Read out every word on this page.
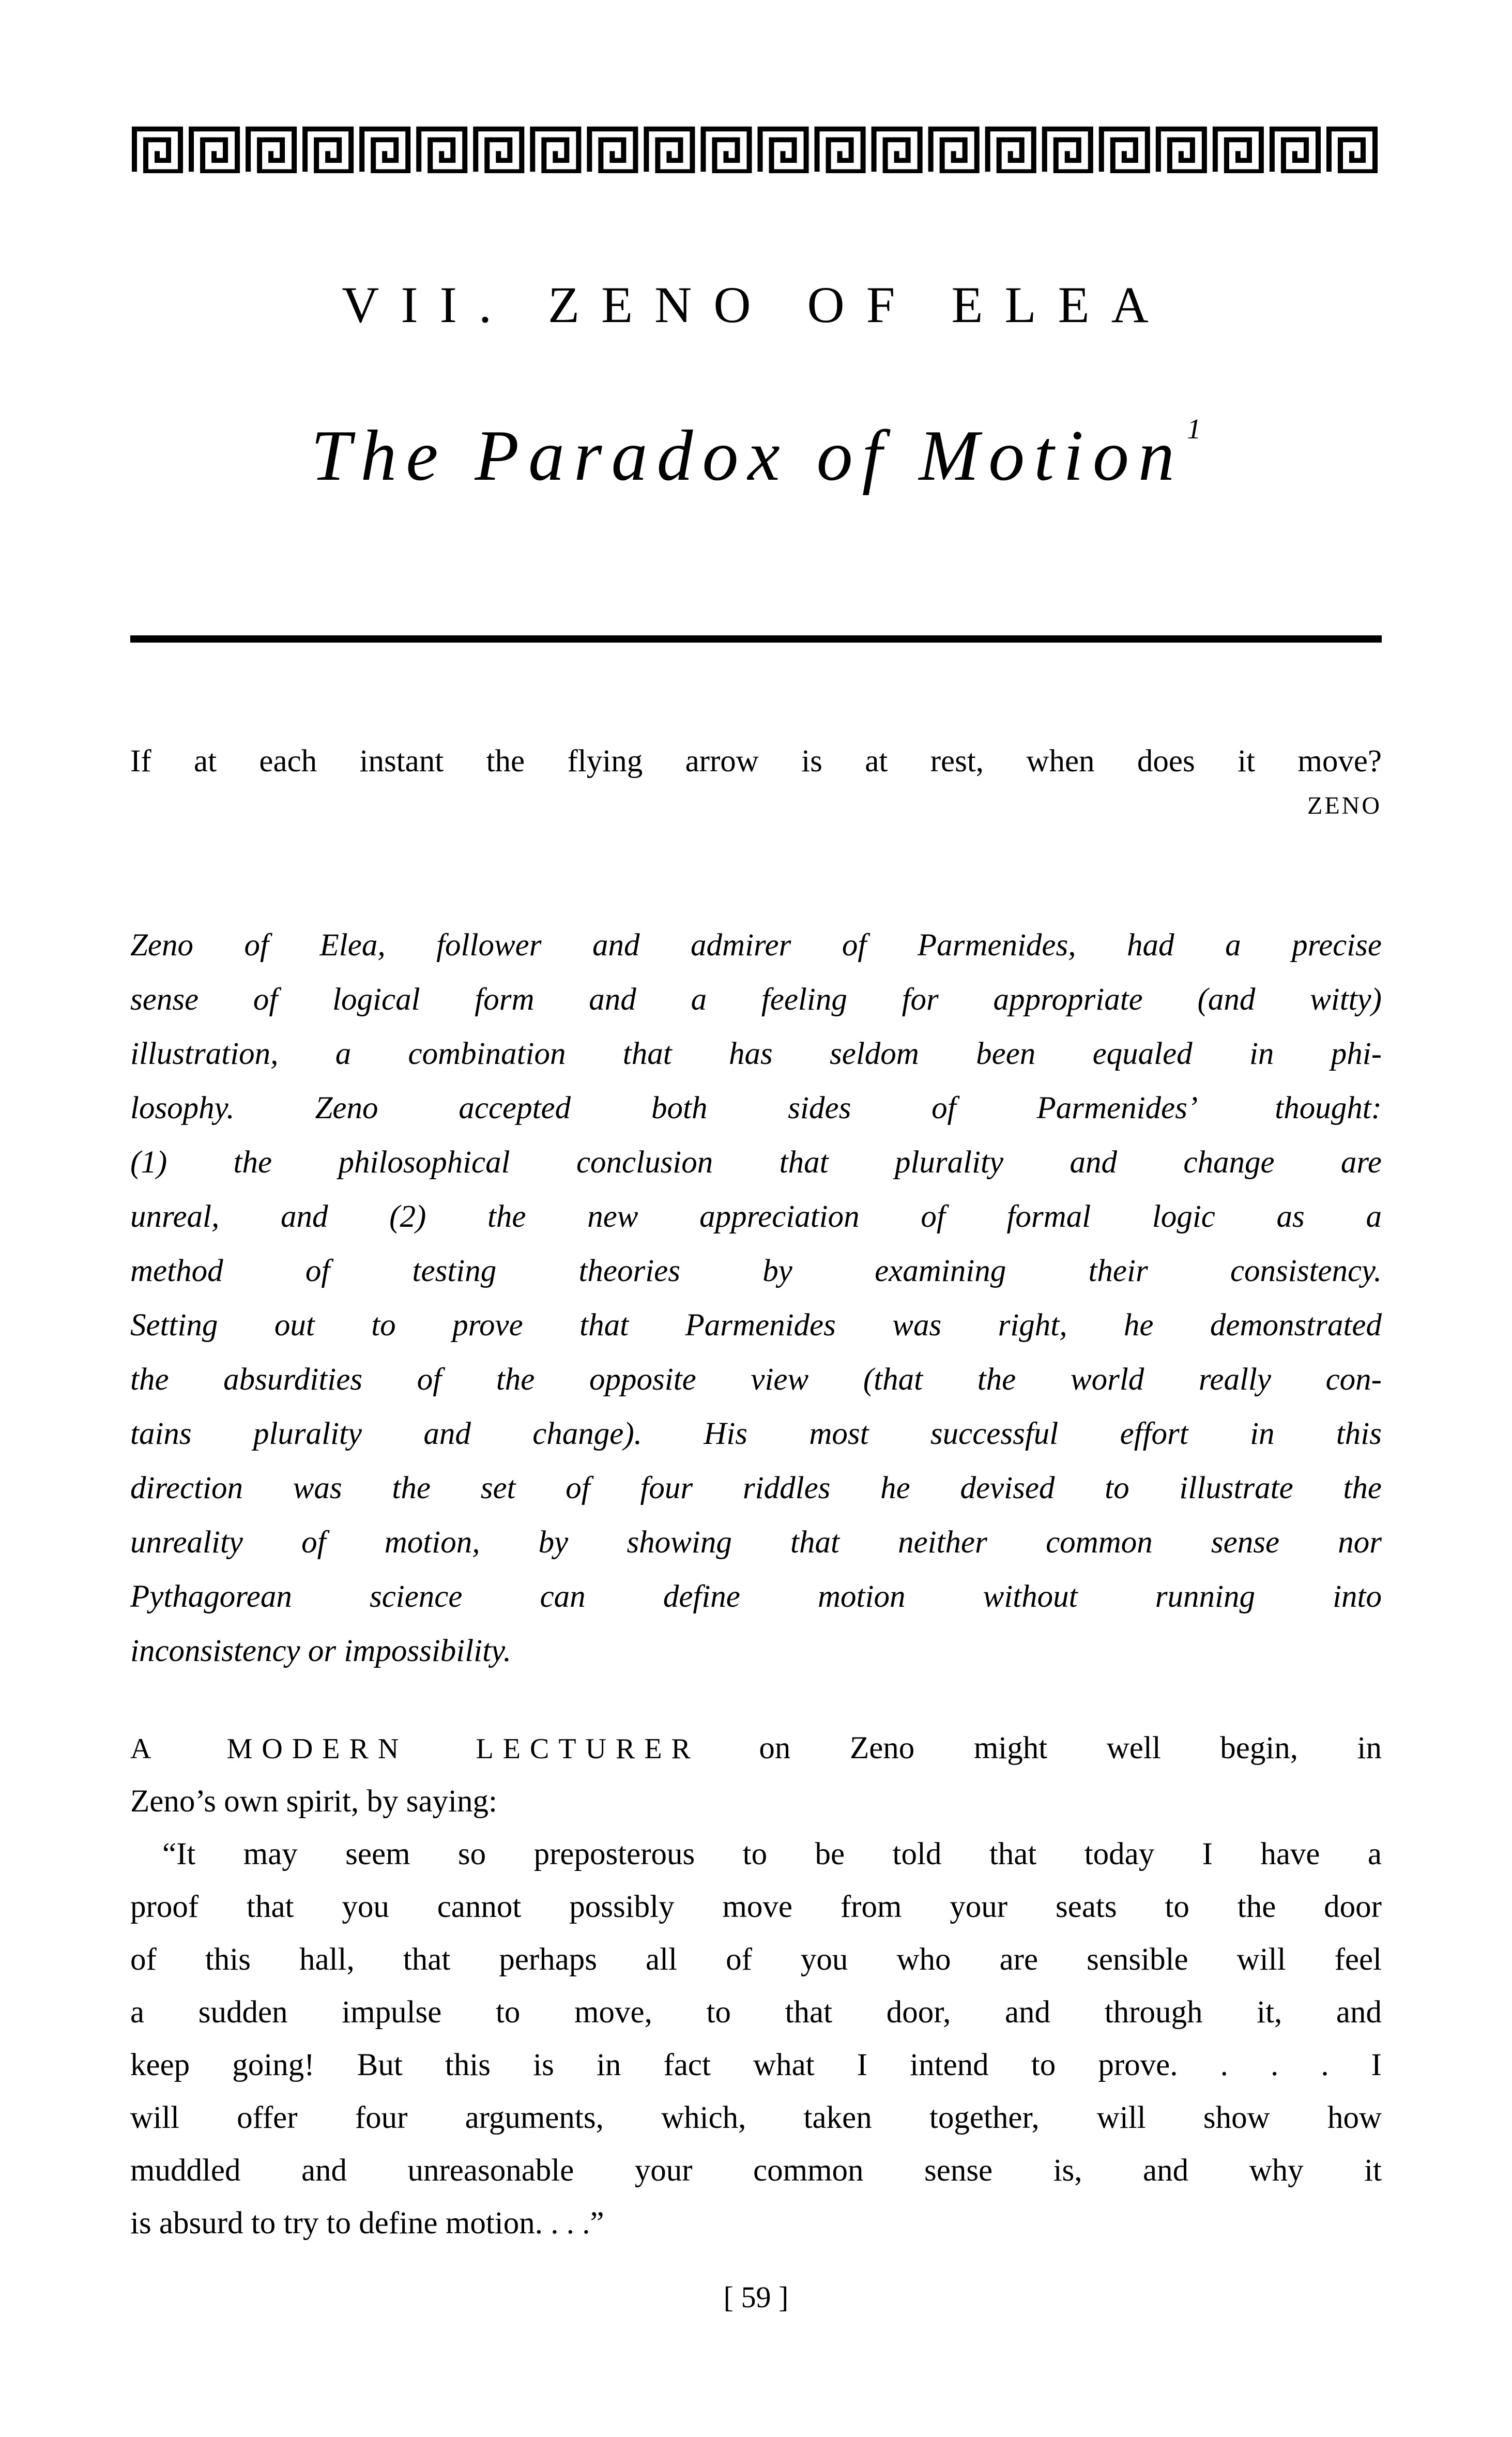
VII. ZENO OF ELEA
The Paradox of Motion $^1$
If at each instant the flying arrow is at rest, when does it move?
ZENO
Zeno of Elea, follower and admirer of Parmenides, had a precise
sense of logical form and a feeling for appropriate (and witty)
illustration, a combination that has seldom been equaled in phi-
losophy. Zeno accepted both sides of Parmenides’ thought:
(1) the philosophical conclusion that plurality and change are
unreal, and (2) the new appreciation of formal logic as a
method of testing theories by examining their consistency.
Setting out to prove that Parmenides was right, he demonstrated
the absurdities of the opposite view (that the world really con-
tains plurality and change). His most successful effort in this
direction was the set of four riddles he devised to illustrate the
unreality of motion, by showing that neither common sense nor
Pythagorean science can define motion without running into
inconsistency or impossibility.
A MODERN LECTURER on Zeno might well begin, in
Zeno’s own spirit, by saying:
“It may seem so preposterous to be told that today I have a
proof that you cannot possibly move from your seats to the door
of this hall, that perhaps all of you who are sensible will feel
a sudden impulse to move, to that door, and through it, and
keep going! But this is in fact what I intend to prove. . . . I
will offer four arguments, which, taken together, will show how
muddled and unreasonable your common sense is, and why it
is absurd to try to define motion. . . .”
[ 59 ]
